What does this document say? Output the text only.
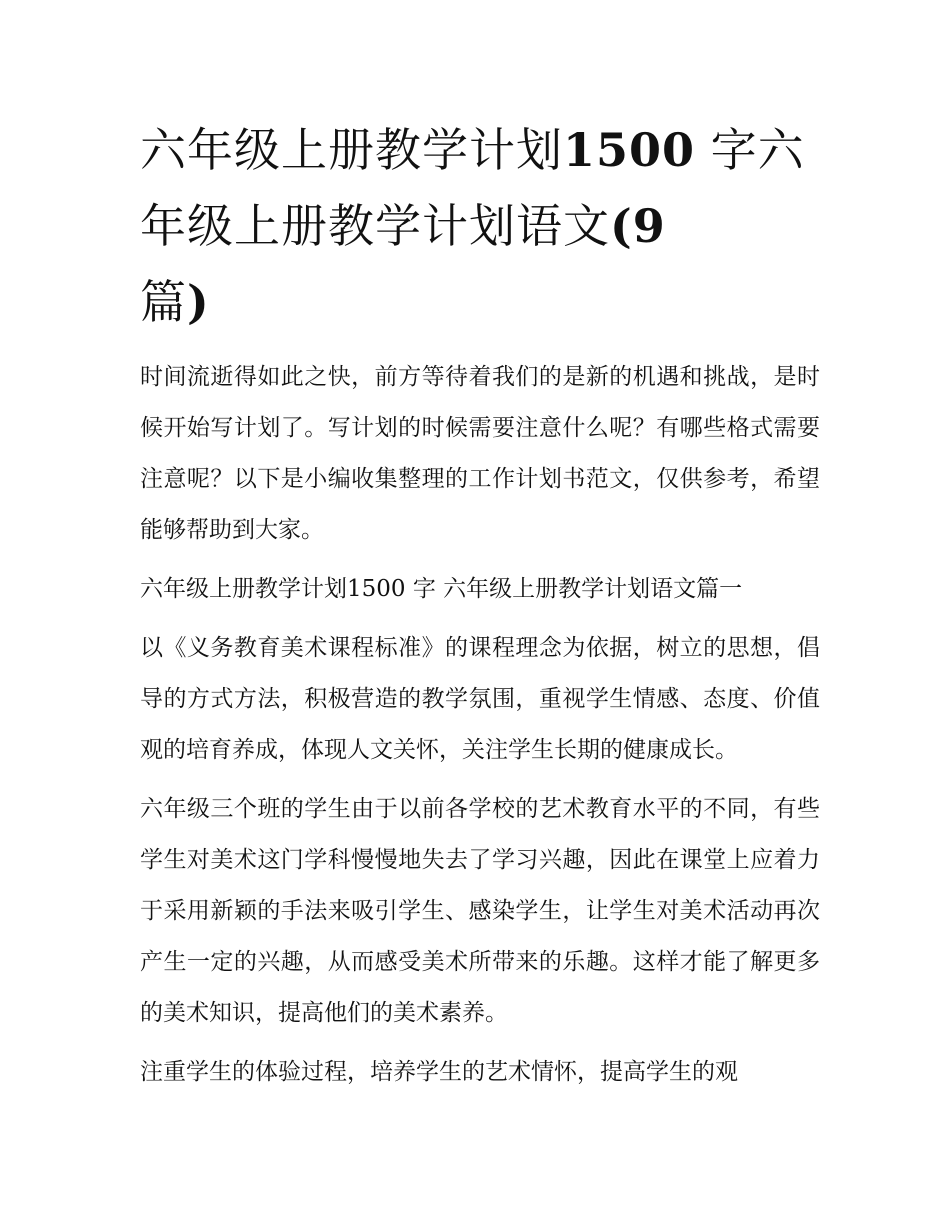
六年级上册教学计划1500 字六年级上册教学计划语文(9
篇)

时间流逝得如此之快，前方等待着我们的是新的机遇和挑战，是时候开始写计划了。写计划的时候需要注意什么呢？有哪些格式需要注意呢？以下是小编收集整理的工作计划书范文，仅供参考，希望能够帮助到大家。

六年级上册教学计划1500 字 六年级上册教学计划语文篇一

以《义务教育美术课程标准》的课程理念为依据，树立的思想，倡导的方式方法，积极营造的教学氛围，重视学生情感、态度、价值观的培育养成，体现人文关怀，关注学生长期的健康成长。

六年级三个班的学生由于以前各学校的艺术教育水平的不同，有些学生对美术这门学科慢慢地失去了学习兴趣，因此在课堂上应着力于采用新颖的手法来吸引学生、感染学生，让学生对美术活动再次产生一定的兴趣，从而感受美术所带来的乐趣。这样才能了解更多的美术知识，提高他们的美术素养。

注重学生的体验过程，培养学生的艺术情怀，提高学生的观
